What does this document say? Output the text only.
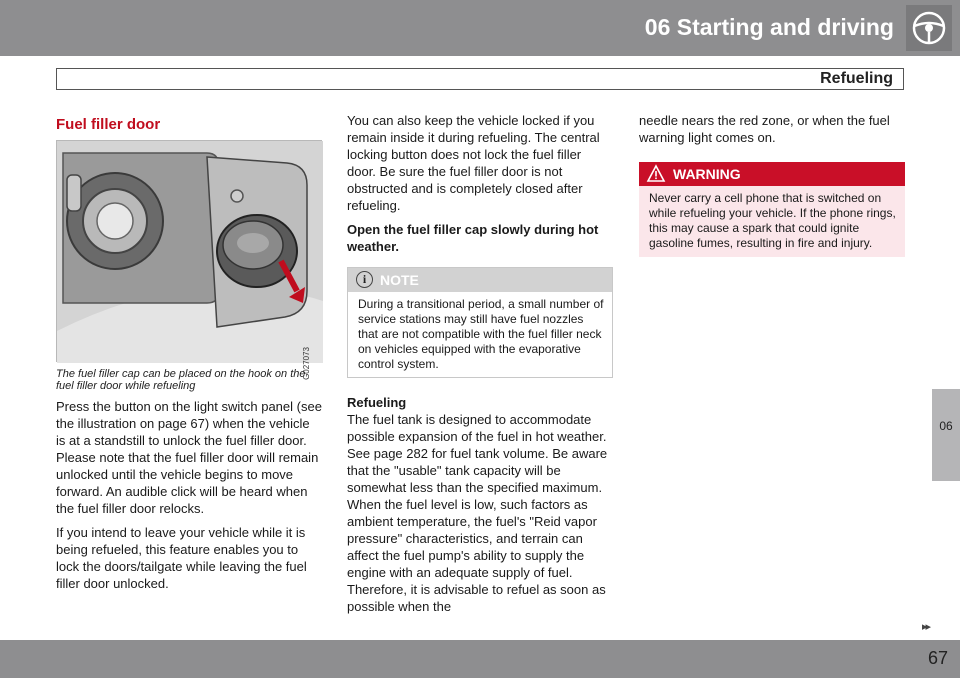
06 Starting and driving
Refueling
Fuel filler door
G027073
The fuel filler cap can be placed on the hook on the fuel filler door while refueling

Press the button on the light switch panel (see the illustration on page 67) when the vehicle is at a standstill to unlock the fuel filler door. Please note that the fuel filler door will remain unlocked until the vehicle begins to move forward. An audible click will be heard when the fuel filler door relocks.

If you intend to leave your vehicle while it is being refueled, this feature enables you to lock the doors/tailgate while leaving the fuel filler door unlocked.

You can also keep the vehicle locked if you remain inside it during refueling. The central locking button does not lock the fuel filler door. Be sure the fuel filler door is not obstructed and is completely closed after refueling.

Open the fuel filler cap slowly during hot weather.

i NOTE
During a transitional period, a small number of service stations may still have fuel nozzles that are not compatible with the fuel filler neck on vehicles equipped with the evaporative control system.
Refueling

The fuel tank is designed to accommodate possible expansion of the fuel in hot weather. See page 282 for fuel tank volume. Be aware that the "usable" tank capacity will be somewhat less than the specified maximum. When the fuel level is low, such factors as ambient temperature, the fuel's "Reid vapor pressure" characteristics, and terrain can affect the fuel pump's ability to supply the engine with an adequate supply of fuel. Therefore, it is advisable to refuel as soon as possible when the

needle nears the red zone, or when the fuel warning light comes on.

WARNING
Never carry a cell phone that is switched on while refueling your vehicle. If the phone rings, this may cause a spark that could ignite gasoline fumes, resulting in fire and injury.
06
▸▸
67
